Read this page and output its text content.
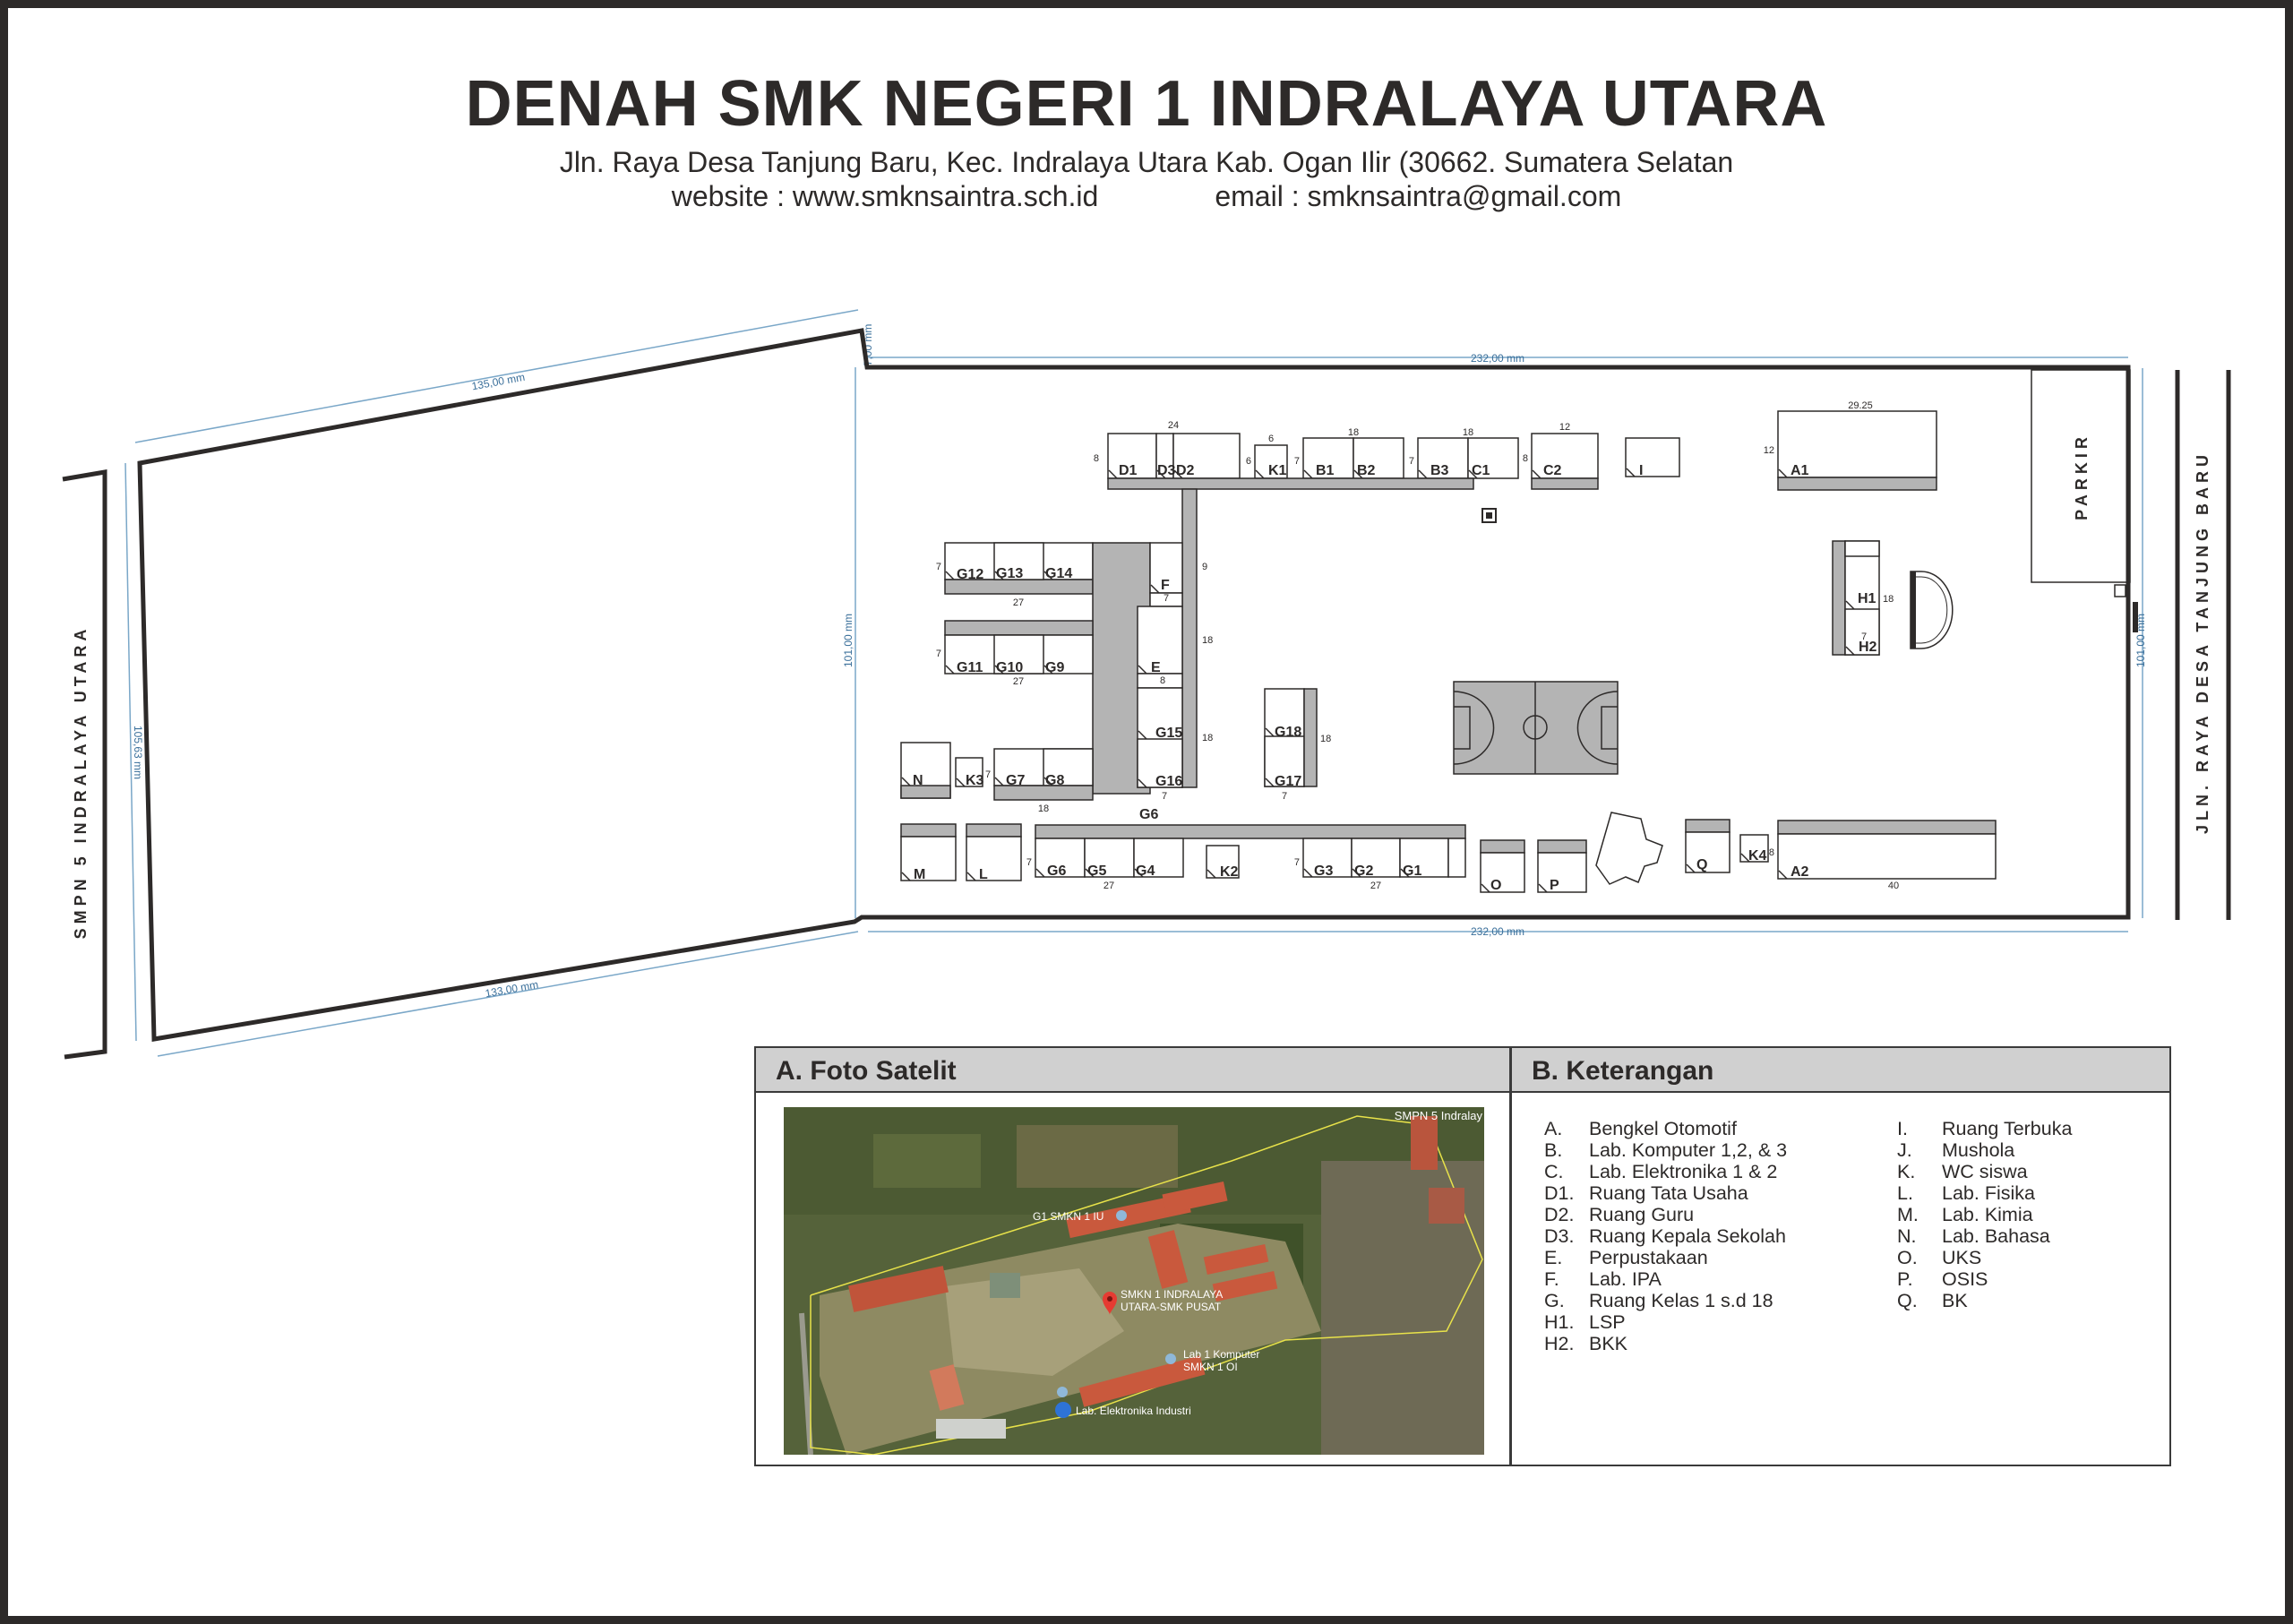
DENAH SMK NEGERI 1 INDRALAYA UTARA
Jln. Raya Desa Tanjung Baru, Kec. Indralaya Utara Kab. Ogan Ilir (30662. Sumatera Selatan
website : www.smknsaintra.sch.id	email : smknsaintra@gmail.com
135,00 mm
7,00 mm	232,00 mm
105,63 mm
101,00 mm	101,00 mm
133,00 mm
232,00 mm
SMPN 5 INDRALAYA UTARA	JLN. RAYA DESA TANJUNG BARU
PARKIR
D1 D3 D2	K1 B1 B2	B3 C1	C2	I	A1
G12 G13 G14
F
G11 G10 G9	E
G15
G16
G18
G17
N	K3 G7 G8
G6
H1
H2
M	L	G6 G5 G4	K2	G3 G2 G1
O	P
Q
K4
A2
24
6
18	18	12
29.25
8	6	7	7	8
12
7
27
7
27
9
7
8
18
18
7
18
7
18
7
18
7
7
27
7
27
8
40
A. Foto Satelit
SMPN 5 Indralay
G1 SMKN 1 IU
SMKN 1 INDRALAYA
UTARA-SMK PUSAT
Lab 1 Komputer
SMKN 1 OI
Lab. Elektronika Industri
B. Keterangan
A. Bengkel Otomotif
B. Lab. Komputer 1,2, & 3
C. Lab. Elektronika 1 & 2
D1. Ruang Tata Usaha
D2. Ruang Guru
D3. Ruang Kepala Sekolah
E. Perpustakaan
F. Lab. IPA
G. Ruang Kelas 1 s.d 18
H1. LSP
H2. BKK
I. Ruang Terbuka
J. Mushola
K. WC siswa
L. Lab. Fisika
M. Lab. Kimia
N. Lab. Bahasa
O. UKS
P. OSIS
Q. BK
